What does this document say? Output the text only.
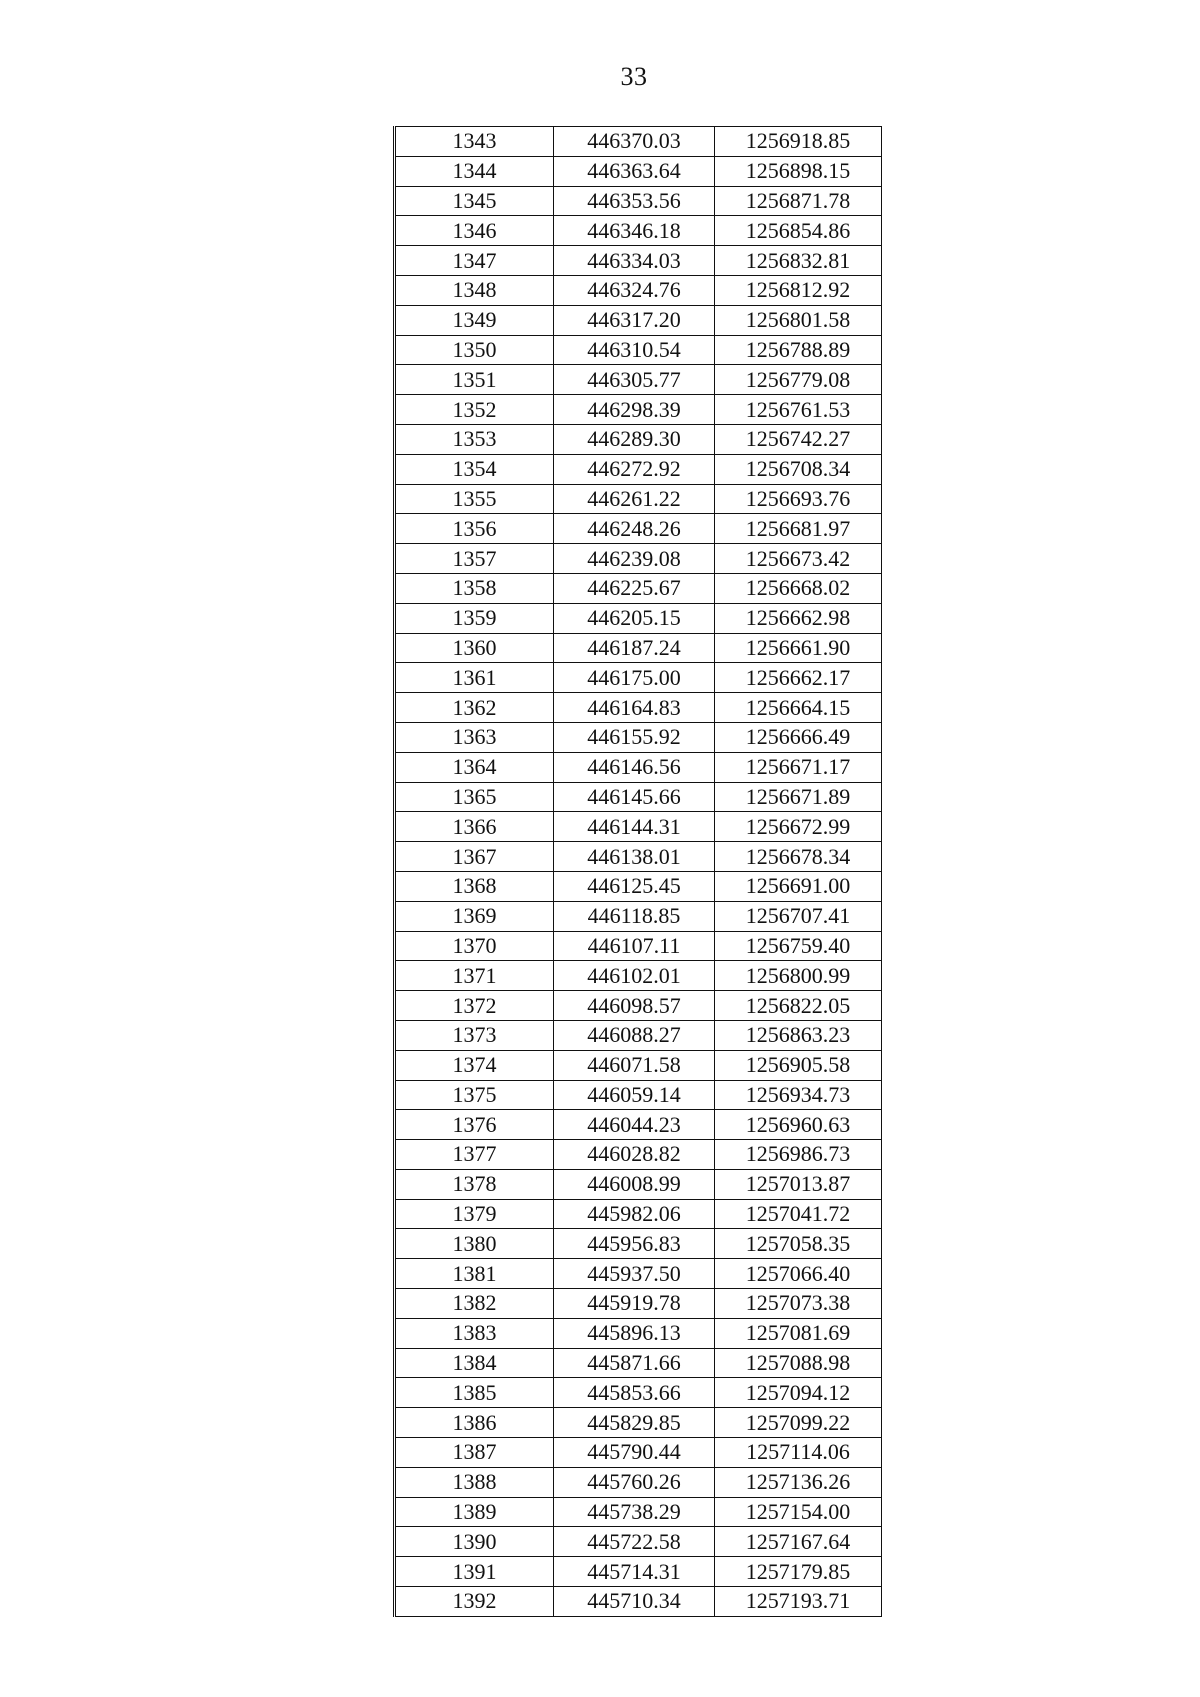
33
1343	446370.03	1256918.85
1344	446363.64	1256898.15
1345	446353.56	1256871.78
1346	446346.18	1256854.86
1347	446334.03	1256832.81
1348	446324.76	1256812.92
1349	446317.20	1256801.58
1350	446310.54	1256788.89
1351	446305.77	1256779.08
1352	446298.39	1256761.53
1353	446289.30	1256742.27
1354	446272.92	1256708.34
1355	446261.22	1256693.76
1356	446248.26	1256681.97
1357	446239.08	1256673.42
1358	446225.67	1256668.02
1359	446205.15	1256662.98
1360	446187.24	1256661.90
1361	446175.00	1256662.17
1362	446164.83	1256664.15
1363	446155.92	1256666.49
1364	446146.56	1256671.17
1365	446145.66	1256671.89
1366	446144.31	1256672.99
1367	446138.01	1256678.34
1368	446125.45	1256691.00
1369	446118.85	1256707.41
1370	446107.11	1256759.40
1371	446102.01	1256800.99
1372	446098.57	1256822.05
1373	446088.27	1256863.23
1374	446071.58	1256905.58
1375	446059.14	1256934.73
1376	446044.23	1256960.63
1377	446028.82	1256986.73
1378	446008.99	1257013.87
1379	445982.06	1257041.72
1380	445956.83	1257058.35
1381	445937.50	1257066.40
1382	445919.78	1257073.38
1383	445896.13	1257081.69
1384	445871.66	1257088.98
1385	445853.66	1257094.12
1386	445829.85	1257099.22
1387	445790.44	1257114.06
1388	445760.26	1257136.26
1389	445738.29	1257154.00
1390	445722.58	1257167.64
1391	445714.31	1257179.85
1392	445710.34	1257193.71
